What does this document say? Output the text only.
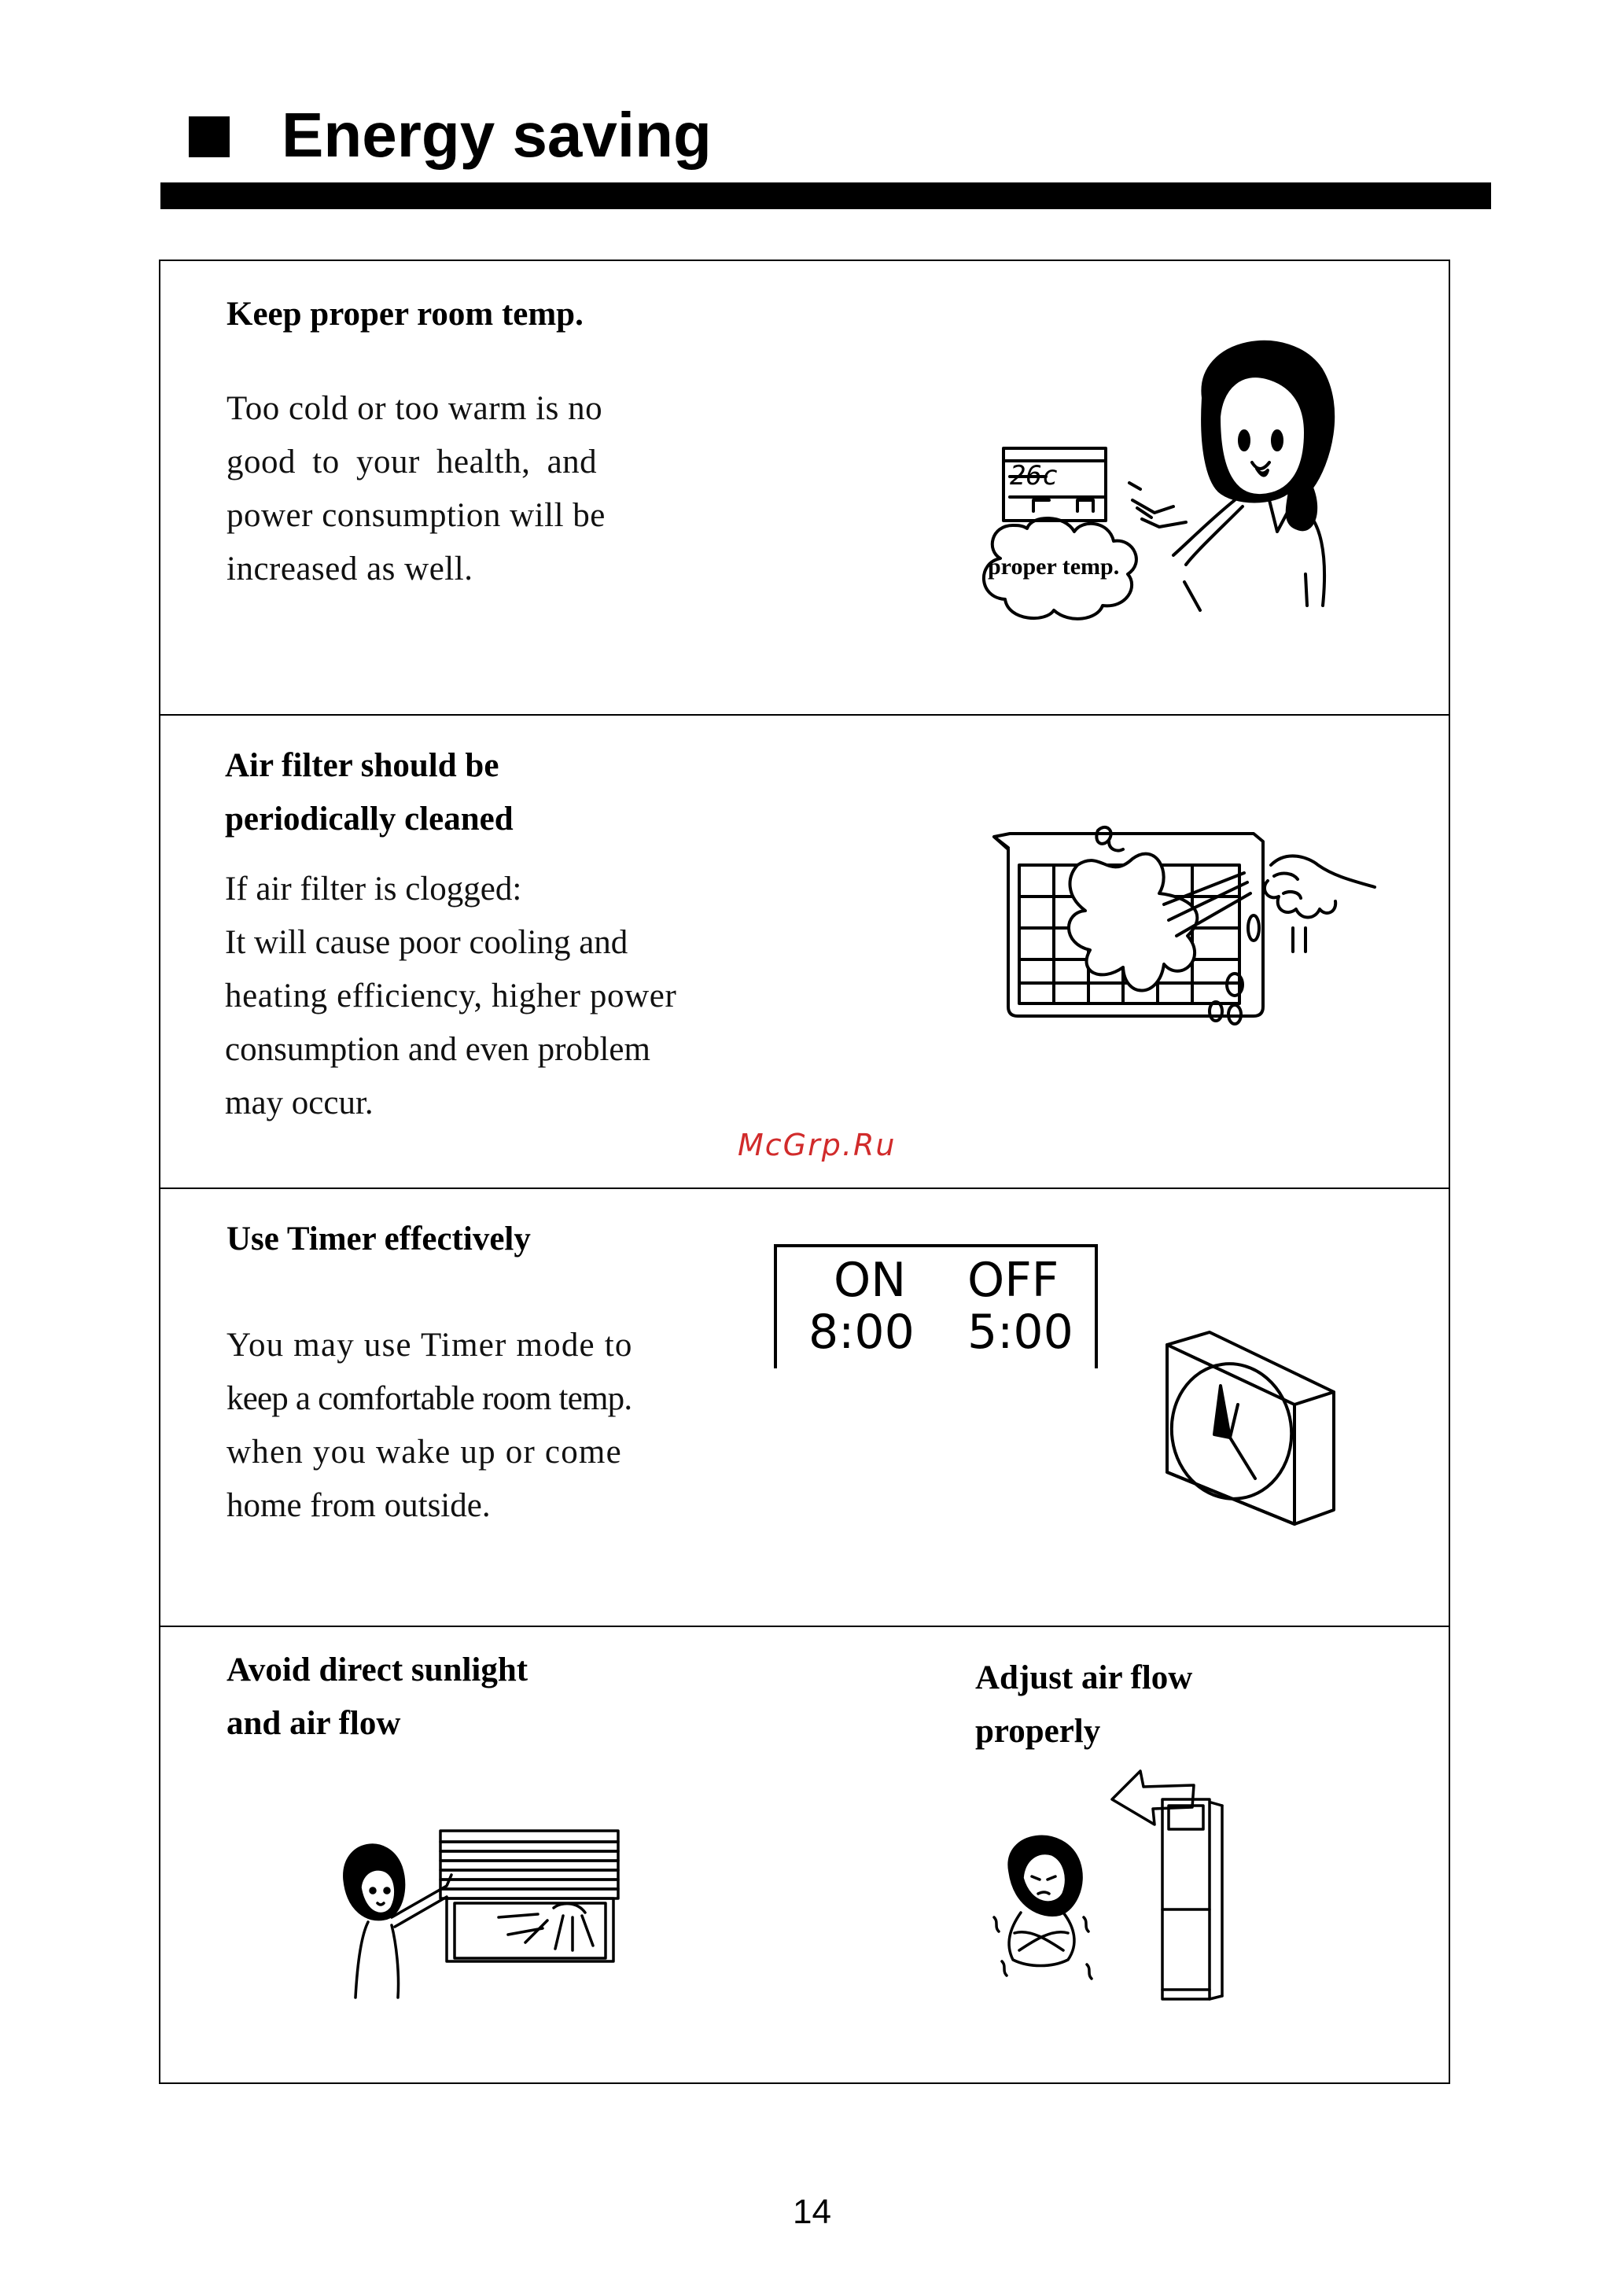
Energy saving
Keep proper room temp.
Too cold or too warm is no
good to your health, and
power consumption will be
increased as well.
26c
proper temp.
Air filter should be
periodically cleaned
If air filter is clogged:
It will cause poor cooling and
heating efficiency, higher power
consumption and even problem
may occur.
McGrp.Ru
Use Timer effectively
You may use Timer mode to
keep a comfortable room temp.
when you wake up or come
home from outside.
ON OFF
8:00 5:00
Avoid direct sunlight
and air flow
Adjust air flow
properly
14
